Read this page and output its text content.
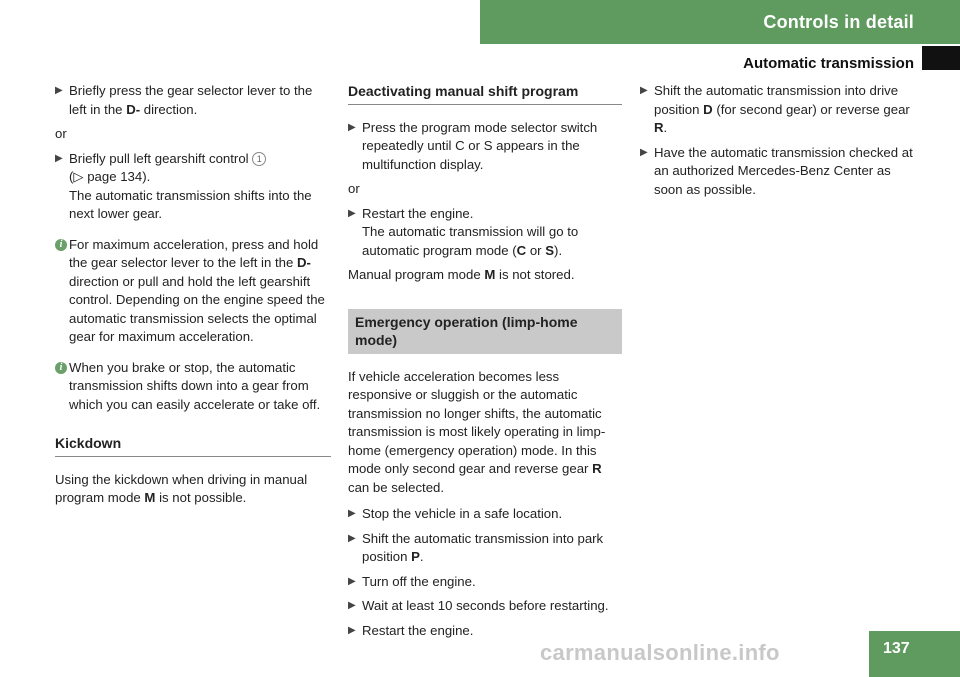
Controls in detail
Automatic transmission
▶ Briefly press the gear selector lever to the left in the D- direction.
or
▶ Briefly pull left gearshift control 1
(▷ page 134).
The automatic transmission shifts into the next lower gear.
i For maximum acceleration, press and hold the gear selector lever to the left in the D- direction or pull and hold the left gearshift control. Depending on the engine speed the automatic transmission selects the optimal gear for maximum acceleration.
i When you brake or stop, the automatic transmission shifts down into a gear from which you can easily accelerate or take off.
Kickdown
Using the kickdown when driving in manual program mode M is not possible.
Deactivating manual shift program
▶ Press the program mode selector switch repeatedly until C or S appears in the multifunction display.
or
▶ Restart the engine.
The automatic transmission will go to automatic program mode (C or S).
Manual program mode M is not stored.
Emergency operation (limp-home mode)
If vehicle acceleration becomes less responsive or sluggish or the automatic transmission no longer shifts, the automatic transmission is most likely operating in limp-home (emergency operation) mode. In this mode only second gear and reverse gear R can be selected.
▶ Stop the vehicle in a safe location.
▶ Shift the automatic transmission into park position P.
▶ Turn off the engine.
▶ Wait at least 10 seconds before restarting.
▶ Restart the engine.
▶ Shift the automatic transmission into drive position D (for second gear) or reverse gear R.
▶ Have the automatic transmission checked at an authorized Mercedes-Benz Center as soon as possible.
carmanualsonline.info	137
